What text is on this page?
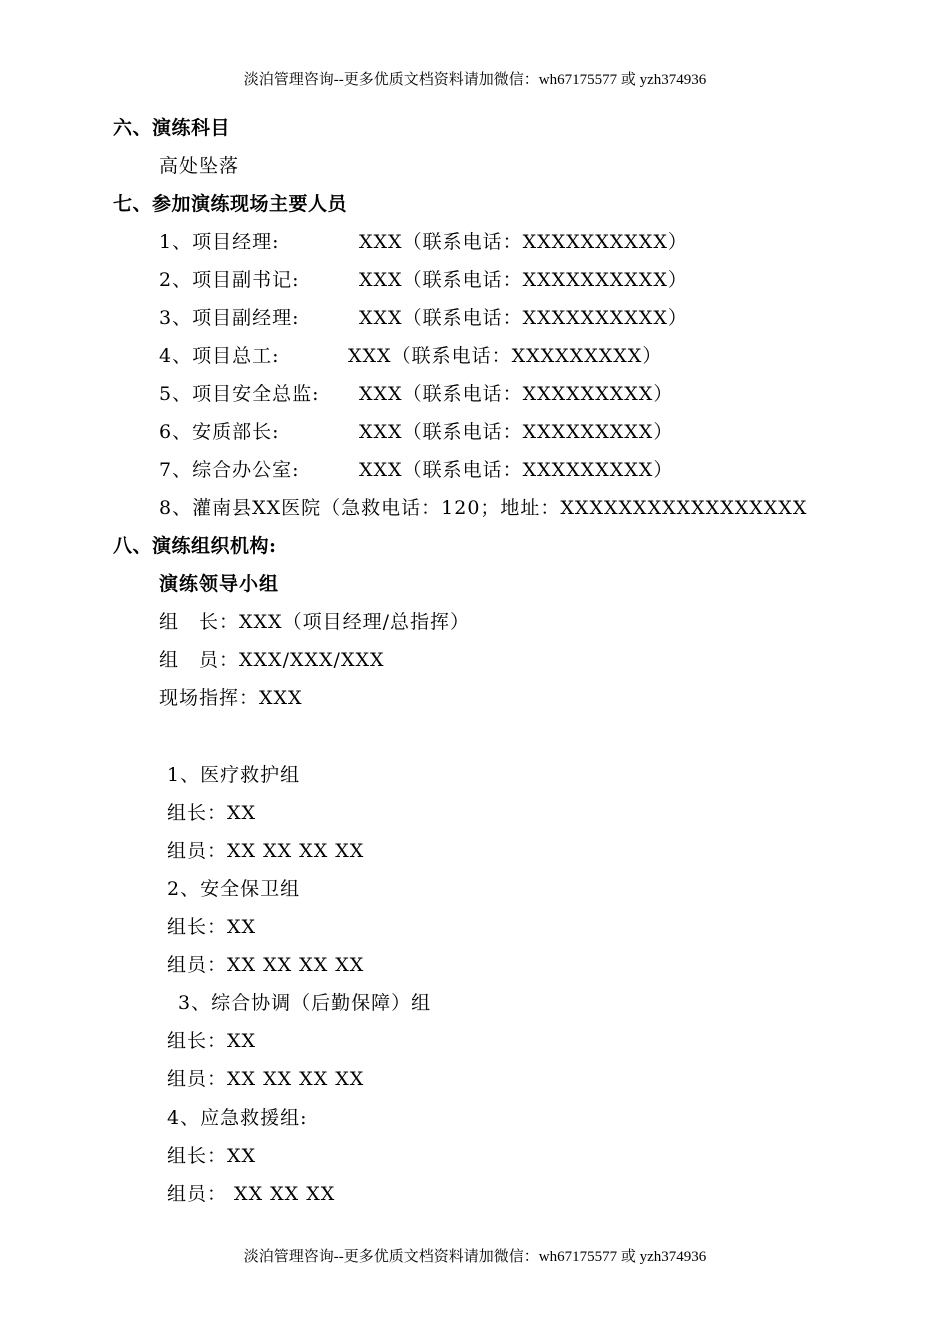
淡泊管理咨询--更多优质文档资料请加微信：wh67175577 或 yzh374936
六、演练科目
高处坠落
七、参加演练现场主要人员
1、项目经理:	XXX（联系电话：XXXXXXXXXX）
2、项目副书记:	XXX（联系电话：XXXXXXXXXX）
3、项目副经理:	XXX（联系电话：XXXXXXXXXX）
4、项目总工:	XXX（联系电话：XXXXXXXXX）
5、项目安全总监: XXX（联系电话：XXXXXXXXX）
6、安质部长:	XXX（联系电话：XXXXXXXXX）
7、综合办公室:	XXX（联系电话：XXXXXXXXX）
8、灌南县XX医院（急救电话：120；地址：XXXXXXXXXXXXXXXXX
八、演练组织机构:
演练领导小组
组　长：XXX（项目经理/总指挥）
组　员：XXX/XXX/XXX
现场指挥：XXX
1、医疗救护组
组长：XX
组员：XX XX XX XX
2、安全保卫组
组长：XX
组员：XX XX XX XX
3、综合协调（后勤保障）组
组长：XX
组员：XX XX XX XX
4、应急救援组:
组长：XX
组员： XX XX XX
淡泊管理咨询--更多优质文档资料请加微信：wh67175577 或 yzh374936
